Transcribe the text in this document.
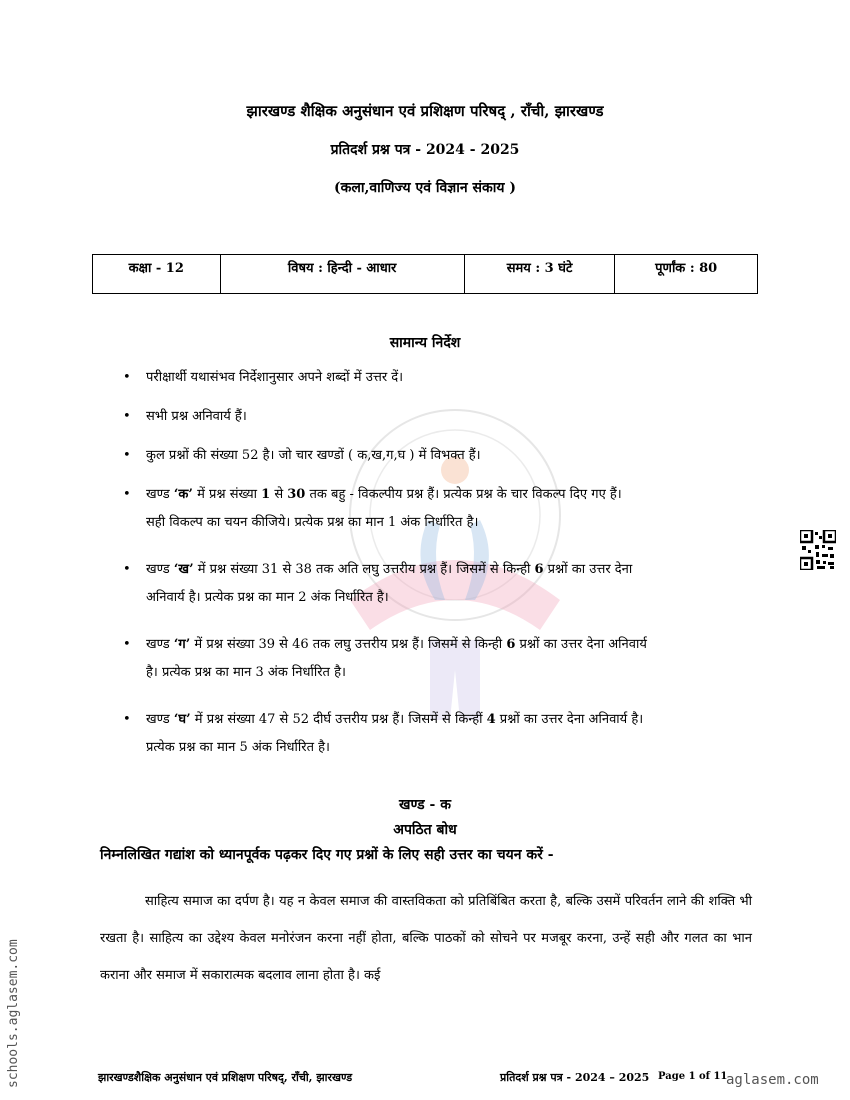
झारखण्ड शैक्षिक अनुसंधान एवं प्रशिक्षण परिषद् , राँची, झारखण्ड
प्रतिदर्श प्रश्न पत्र - 2024 - 2025
(कला,वाणिज्य एवं विज्ञान संकाय )
कक्षा - 12	विषय : हिन्दी - आधार	समय : 3 घंटे	पूर्णांक : 80
सामान्य निर्देश
• परीक्षार्थी यथासंभव निर्देशानुसार अपने शब्दों में उत्तर दें।
• सभी प्रश्न अनिवार्य हैं।
• कुल प्रश्नों की संख्या 52 है। जो चार खण्डों ( क,ख,ग,घ ) में विभक्त हैं।
• खण्ड ‘क’ में प्रश्न संख्या 1 से 30 तक बहु - विकल्पीय प्रश्न हैं। प्रत्येक प्रश्न के चार विकल्प दिए गए हैं।
सही विकल्प का चयन कीजिये। प्रत्येक प्रश्न का मान 1 अंक निर्धारित है।
• खण्ड ‘ख’ में प्रश्न संख्या 31 से 38 तक अति लघु उत्तरीय प्रश्न हैं। जिसमें से किन्ही 6 प्रश्नों का उत्तर देना
अनिवार्य है। प्रत्येक प्रश्न का मान 2 अंक निर्धारित है।
• खण्ड ‘ग’ में प्रश्न संख्या 39 से 46 तक लघु उत्तरीय प्रश्न हैं। जिसमें से किन्ही 6 प्रश्नों का उत्तर देना अनिवार्य
है। प्रत्येक प्रश्न का मान 3 अंक निर्धारित है।
• खण्ड ‘घ’ में प्रश्न संख्या 47 से 52 दीर्घ उत्तरीय प्रश्न हैं। जिसमें से किन्हीं 4 प्रश्नों का उत्तर देना अनिवार्य है।
प्रत्येक प्रश्न का मान 5 अंक निर्धारित है।
खण्ड - क
अपठित बोध
निम्नलिखित गद्यांश को ध्यानपूर्वक पढ़कर दिए गए प्रश्नों के लिए सही उत्तर का चयन करें -

साहित्य समाज का दर्पण है। यह न केवल समाज की वास्तविकता को प्रतिबिंबित करता है, बल्कि उसमें परिवर्तन लाने की शक्ति भी रखता है। साहित्य का उद्देश्य केवल मनोरंजन करना नहीं होता, बल्कि पाठकों को सोचने पर मजबूर करना, उन्हें सही और गलत का भान कराना और समाज में सकारात्मक बदलाव लाना होता है। कई

schools.aglasem.com	झारखण्डशैक्षिक अनुसंधान एवं प्रशिक्षण परिषद्, राँची, झारखण्ड	प्रतिदर्श प्रश्न पत्र - 2024 – 2025 Page 1 of 11
aglasem.com
